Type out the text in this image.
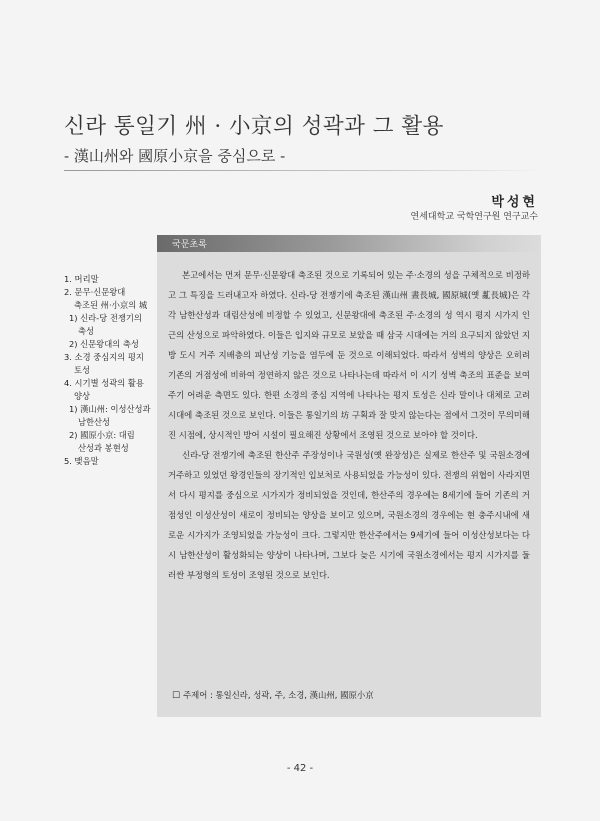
신라 통일기 州 · 小京의 성곽과 그 활용
- 漢山州와 國原小京을 중심으로 -
박성현
연세대학교 국학연구원 연구교수
1. 머리말
2. 문무·신문왕대
축조된 州·小京의 城
1) 신라-당 전쟁기의
축성
2) 신문왕대의 축성
3. 소경 중심지의 평지
토성
4. 시기별 성곽의 활용
양상
1) 漢山州: 이성산성과
남한산성
2) 國原小京: 대림
산성과 봉현성
5. 맺음말
국문초록

본고에서는 먼저 문무·신문왕대 축조된 것으로 기록되어 있는 주·소경의 성을 구체적으로 비정하고 그 특징을 드러내고자 하였다. 신라-당 전쟁기에 축조된 漢山州 晝長城, 國原城(옛 薍長城)은 각각 남한산성과 대림산성에 비정할 수 있었고, 신문왕대에 축조된 주·소경의 성 역시 평지 시가지 인근의 산성으로 파악하였다. 이들은 입지와 규모로 보았을 때 삼국 시대에는 거의 요구되지 않았던 지방 도시 거주 지배층의 피난성 기능을 염두에 둔 것으로 이해되었다. 따라서 성벽의 양상은 오히려 기존의 거점성에 비하여 정연하지 않은 것으로 나타나는데 따라서 이 시기 성벽 축조의 표준을 보여주기 어려운 측면도 있다. 한편 소경의 중심 지역에 나타나는 평지 토성은 신라 말이나 대체로 고려 시대에 축조된 것으로 보인다. 이들은 통일기의 坊 구획과 잘 맞지 않는다는 점에서 그것이 무의미해진 시점에, 상시적인 방어 시설이 필요해진 상황에서 조영된 것으로 보아야 할 것이다.

신라-당 전쟁기에 축조된 한산주 주장성이나 국원성(옛 완장성)은 실제로 한산주 및 국원소경에 거주하고 있었던 왕경인들의 장기적인 입보처로 사용되었을 가능성이 있다. 전쟁의 위협이 사라지면서 다시 평지를 중심으로 시가지가 정비되었을 것인데, 한산주의 경우에는 8세기에 들어 기존의 거점성인 이성산성이 새로이 정비되는 양상을 보이고 있으며, 국원소경의 경우에는 현 충주시내에 새로운 시가지가 조영되었을 가능성이 크다. 그렇지만 한산주에서는 9세기에 들어 이성산성보다는 다시 남한산성이 활성화되는 양상이 나타나며, 그보다 늦은 시기에 국원소경에서는 평지 시가지를 둘러싼 부정형의 토성이 조영된 것으로 보인다.

☐ 주제어 : 통일신라, 성곽, 주, 소경, 漢山州, 國原小京
- 42 -
